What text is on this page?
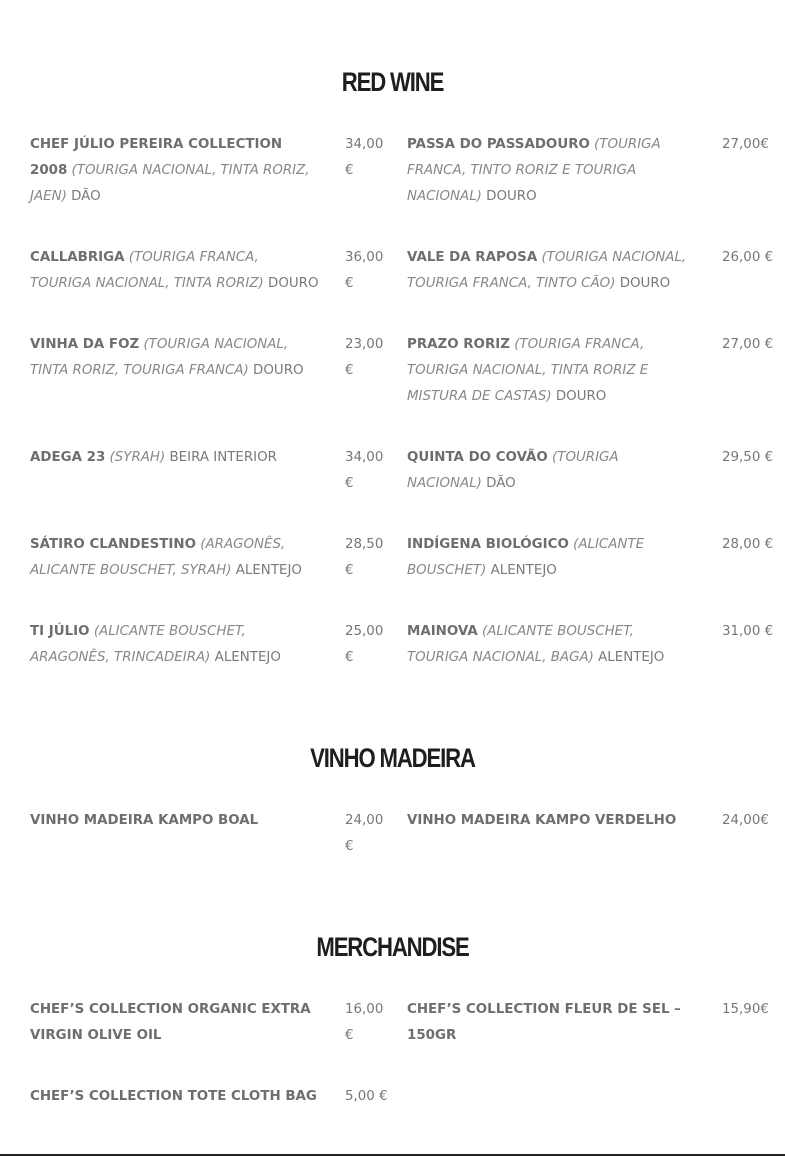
RED WINE
CHEF JÚLIO PEREIRA COLLECTION 2008 (TOURIGA NACIONAL, TINTA RORIZ, JAEN) DÃO
34,00 €
PASSA DO PASSADOURO (TOURIGA FRANCA, TINTO RORIZ E TOURIGA NACIONAL) DOURO
27,00€
CALLABRIGA (TOURIGA FRANCA, TOURIGA NACIONAL, TINTA RORIZ) DOURO
36,00 €
VALE DA RAPOSA (TOURIGA NACIONAL, TOURIGA FRANCA, TINTO CÃO) DOURO
26,00 €
VINHA DA FOZ (TOURIGA NACIONAL, TINTA RORIZ, TOURIGA FRANCA) DOURO
23,00 €
PRAZO RORIZ (TOURIGA FRANCA, TOURIGA NACIONAL, TINTA RORIZ E MISTURA DE CASTAS) DOURO
27,00 €
ADEGA 23 (SYRAH) BEIRA INTERIOR	34,00 €
QUINTA DO COVÃO (TOURIGA NACIONAL) DÃO
29,50 €
SÁTIRO CLANDESTINO (ARAGONÊS, ALICANTE BOUSCHET, SYRAH) ALENTEJO
28,50 €
INDÍGENA BIOLÓGICO (ALICANTE BOUSCHET) ALENTEJO
28,00 €
TI JÚLIO (ALICANTE BOUSCHET, ARAGONÊS, TRINCADEIRA) ALENTEJO
25,00 €
MAINOVA (ALICANTE BOUSCHET, TOURIGA NACIONAL, BAGA) ALENTEJO
31,00 €
VINHO MADEIRA
VINHO MADEIRA KAMPO BOAL	24,00 €
VINHO MADEIRA KAMPO VERDELHO	24,00€
MERCHANDISE
CHEF’S COLLECTION ORGANIC EXTRA VIRGIN OLIVE OIL
16,00 €
CHEF’S COLLECTION FLEUR DE SEL – 150GR
15,90€
CHEF’S COLLECTION TOTE CLOTH BAG	5,00 €
